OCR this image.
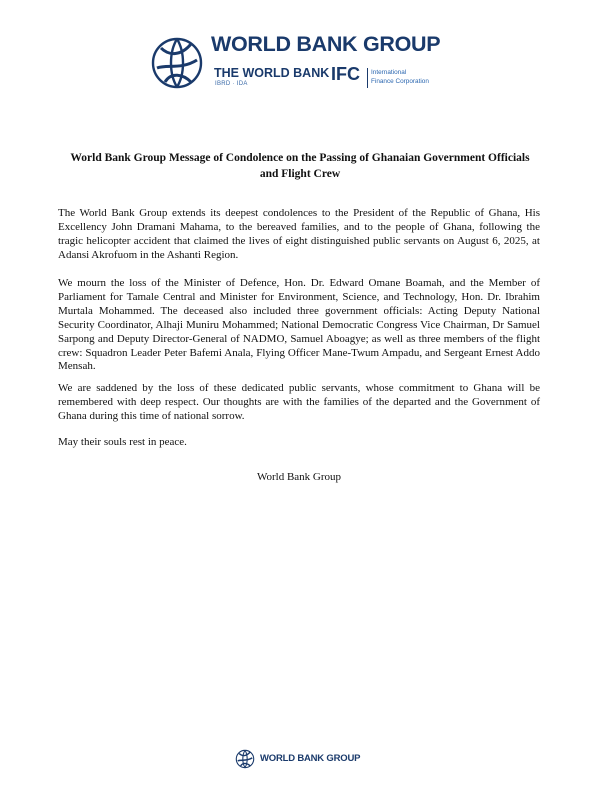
WORLD BANK GROUP
THE WORLD BANK
IBRD · IDA	IFC International
Finance Corporation
World Bank Group Message of Condolence on the Passing of Ghanaian Government Officials and Flight Crew

The World Bank Group extends its deepest condolences to the President of the Republic of Ghana, His Excellency John Dramani Mahama, to the bereaved families, and to the people of Ghana, following the tragic helicopter accident that claimed the lives of eight distinguished public servants on August 6, 2025, at Adansi Akrofuom in the Ashanti Region.

We mourn the loss of the Minister of Defence, Hon. Dr. Edward Omane Boamah, and the Member of Parliament for Tamale Central and Minister for Environment, Science, and Technology, Hon. Dr. Ibrahim Murtala Mohammed. The deceased also included three government officials: Acting Deputy National Security Coordinator, Alhaji Muniru Mohammed; National Democratic Congress Vice Chairman, Dr Samuel Sarpong and Deputy Director-General of NADMO, Samuel Aboagye; as well as three members of the flight crew: Squadron Leader Peter Bafemi Anala, Flying Officer Mane-Twum Ampadu, and Sergeant Ernest Addo Mensah.

We are saddened by the loss of these dedicated public servants, whose commitment to Ghana will be remembered with deep respect. Our thoughts are with the families of the departed and the Government of Ghana during this time of national sorrow.

May their souls rest in peace.
World Bank Group
WORLD BANK GROUP
